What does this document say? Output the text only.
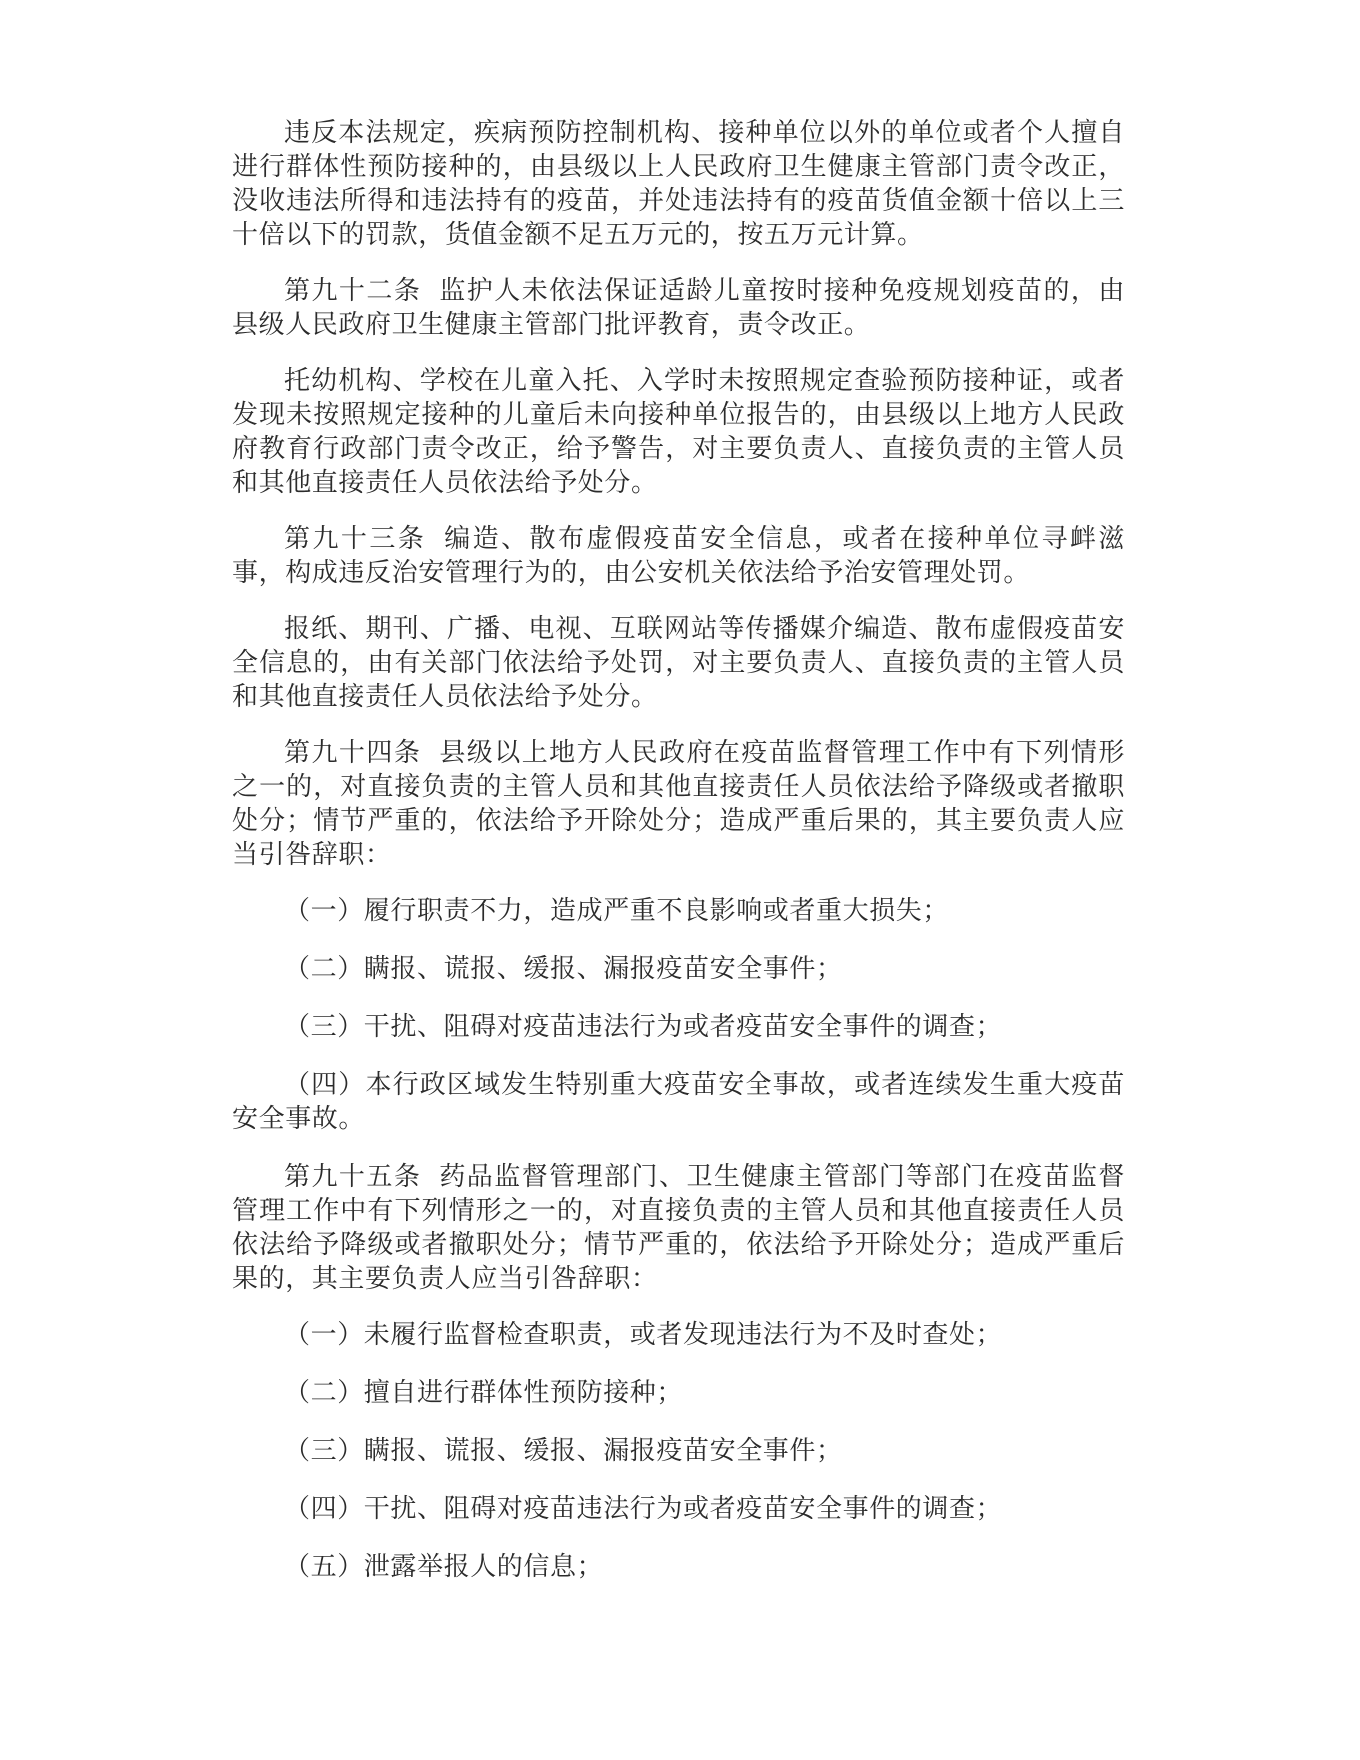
违反本法规定，疾病预防控制机构、接种单位以外的单位或者个人擅自进行群体性预防接种的，由县级以上人民政府卫生健康主管部门责令改正，没收违法所得和违法持有的疫苗，并处违法持有的疫苗货值金额十倍以上三十倍以下的罚款，货值金额不足五万元的，按五万元计算。

第九十二条 监护人未依法保证适龄儿童按时接种免疫规划疫苗的，由县级人民政府卫生健康主管部门批评教育，责令改正。

托幼机构、学校在儿童入托、入学时未按照规定查验预防接种证，或者发现未按照规定接种的儿童后未向接种单位报告的，由县级以上地方人民政府教育行政部门责令改正，给予警告，对主要负责人、直接负责的主管人员和其他直接责任人员依法给予处分。

第九十三条 编造、散布虚假疫苗安全信息，或者在接种单位寻衅滋事，构成违反治安管理行为的，由公安机关依法给予治安管理处罚。

报纸、期刊、广播、电视、互联网站等传播媒介编造、散布虚假疫苗安全信息的，由有关部门依法给予处罚，对主要负责人、直接负责的主管人员和其他直接责任人员依法给予处分。

第九十四条 县级以上地方人民政府在疫苗监督管理工作中有下列情形之一的，对直接负责的主管人员和其他直接责任人员依法给予降级或者撤职处分；情节严重的，依法给予开除处分；造成严重后果的，其主要负责人应当引咎辞职：

（一）履行职责不力，造成严重不良影响或者重大损失；

（二）瞒报、谎报、缓报、漏报疫苗安全事件；

（三）干扰、阻碍对疫苗违法行为或者疫苗安全事件的调查；

（四）本行政区域发生特别重大疫苗安全事故，或者连续发生重大疫苗安全事故。

第九十五条 药品监督管理部门、卫生健康主管部门等部门在疫苗监督管理工作中有下列情形之一的，对直接负责的主管人员和其他直接责任人员依法给予降级或者撤职处分；情节严重的，依法给予开除处分；造成严重后果的，其主要负责人应当引咎辞职：

（一）未履行监督检查职责，或者发现违法行为不及时查处；

（二）擅自进行群体性预防接种；

（三）瞒报、谎报、缓报、漏报疫苗安全事件；

（四）干扰、阻碍对疫苗违法行为或者疫苗安全事件的调查；

（五）泄露举报人的信息；
